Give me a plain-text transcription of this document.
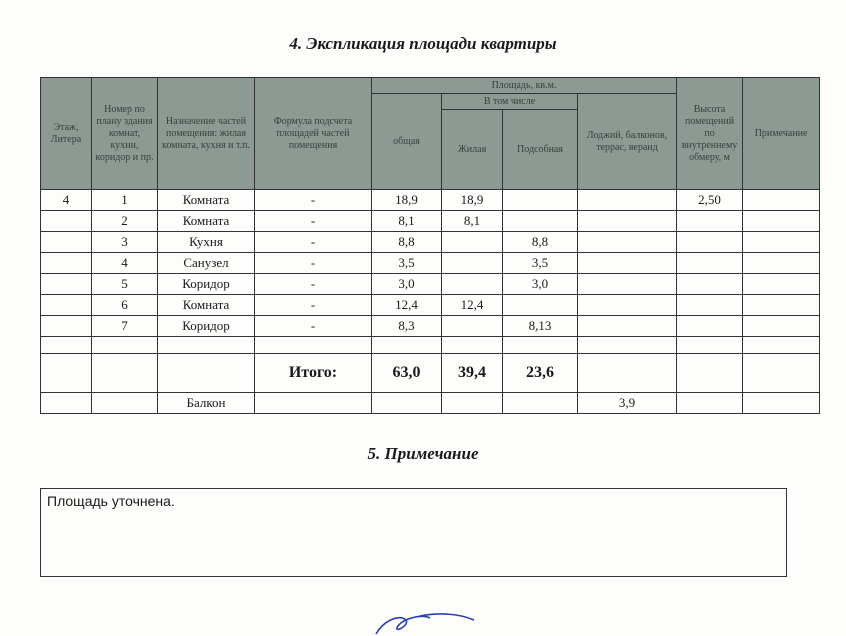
4. Экспликация площади квартиры
Этаж, Литера	Номер по плану здания комнат, кухни, коридор и пр.	Назначение частей помещения: жилая комната, кухня и т.п.	Формула подсчета площадей частей помещения	Площадь, кв.м.				Высота помещений по внутреннему обмеру, м	Примечание
				общая	В том числе		Лоджий, балконов, террас, веранд		
					Жилая	Подсобная			
4	1	Комната	-	18,9	18,9			2,50	
	2	Комната	-	8,1	8,1				
	3	Кухня	-	8,8		8,8			
	4	Санузел	-	3,5		3,5			
	5	Коридор	-	3,0		3,0			
	6	Комната	-	12,4	12,4				
	7	Коридор	-	8,3		8,13			

			Итого:	63,0	39,4	23,6			
		Балкон					3,9		
5. Примечание
Площадь уточнена.
